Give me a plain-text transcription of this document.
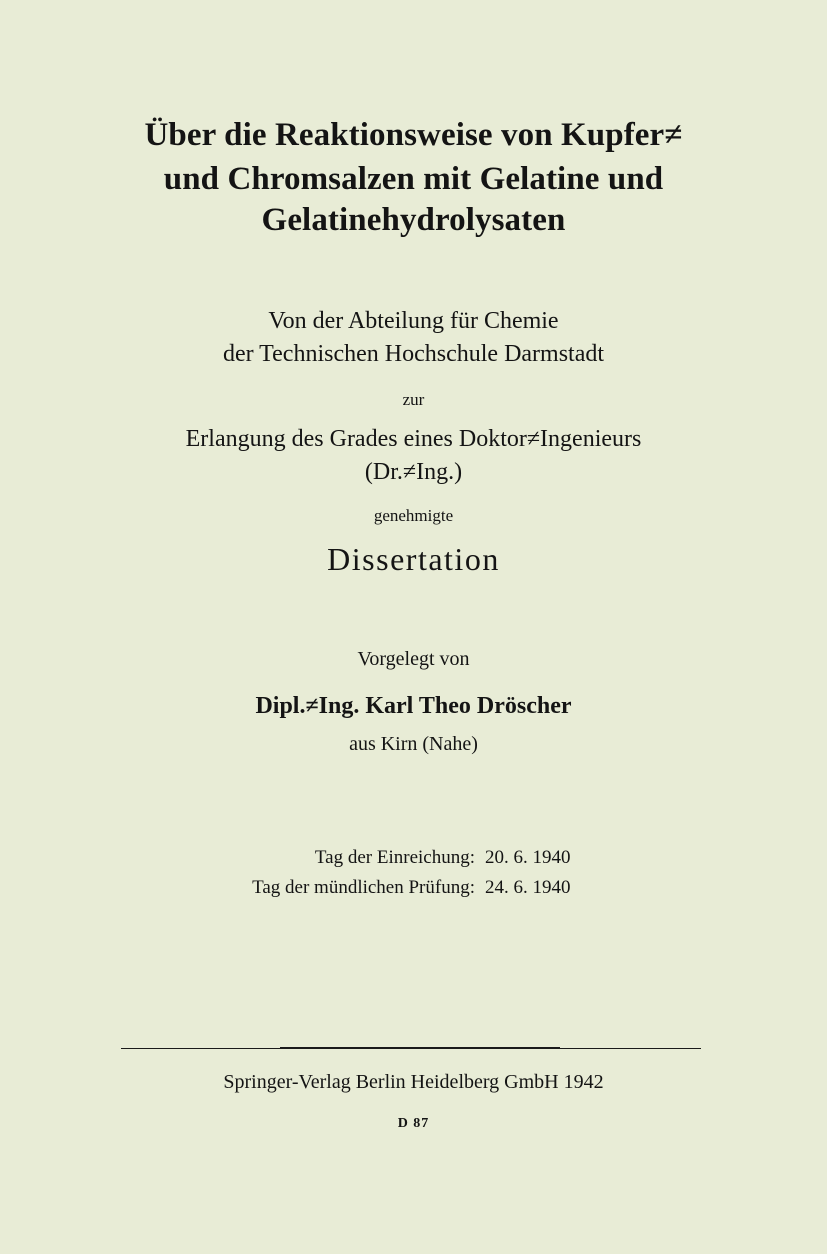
Über die Reaktionsweise von Kupfer≠
und Chromsalzen mit Gelatine und
Gelatinehydrolysaten
Von der Abteilung für Chemie
der Technischen Hochschule Darmstadt
zur
Erlangung des Grades eines Doktor≠Ingenieurs
(Dr.≠Ing.)
genehmigte
Dissertation
Vorgelegt von
Dipl.≠Ing. Karl Theo Dröscher
aus Kirn (Nahe)
Tag der Einreichung: 20. 6. 1940
Tag der mündlichen Prüfung: 24. 6. 1940
Springer-Verlag Berlin Heidelberg GmbH 1942
D 87
